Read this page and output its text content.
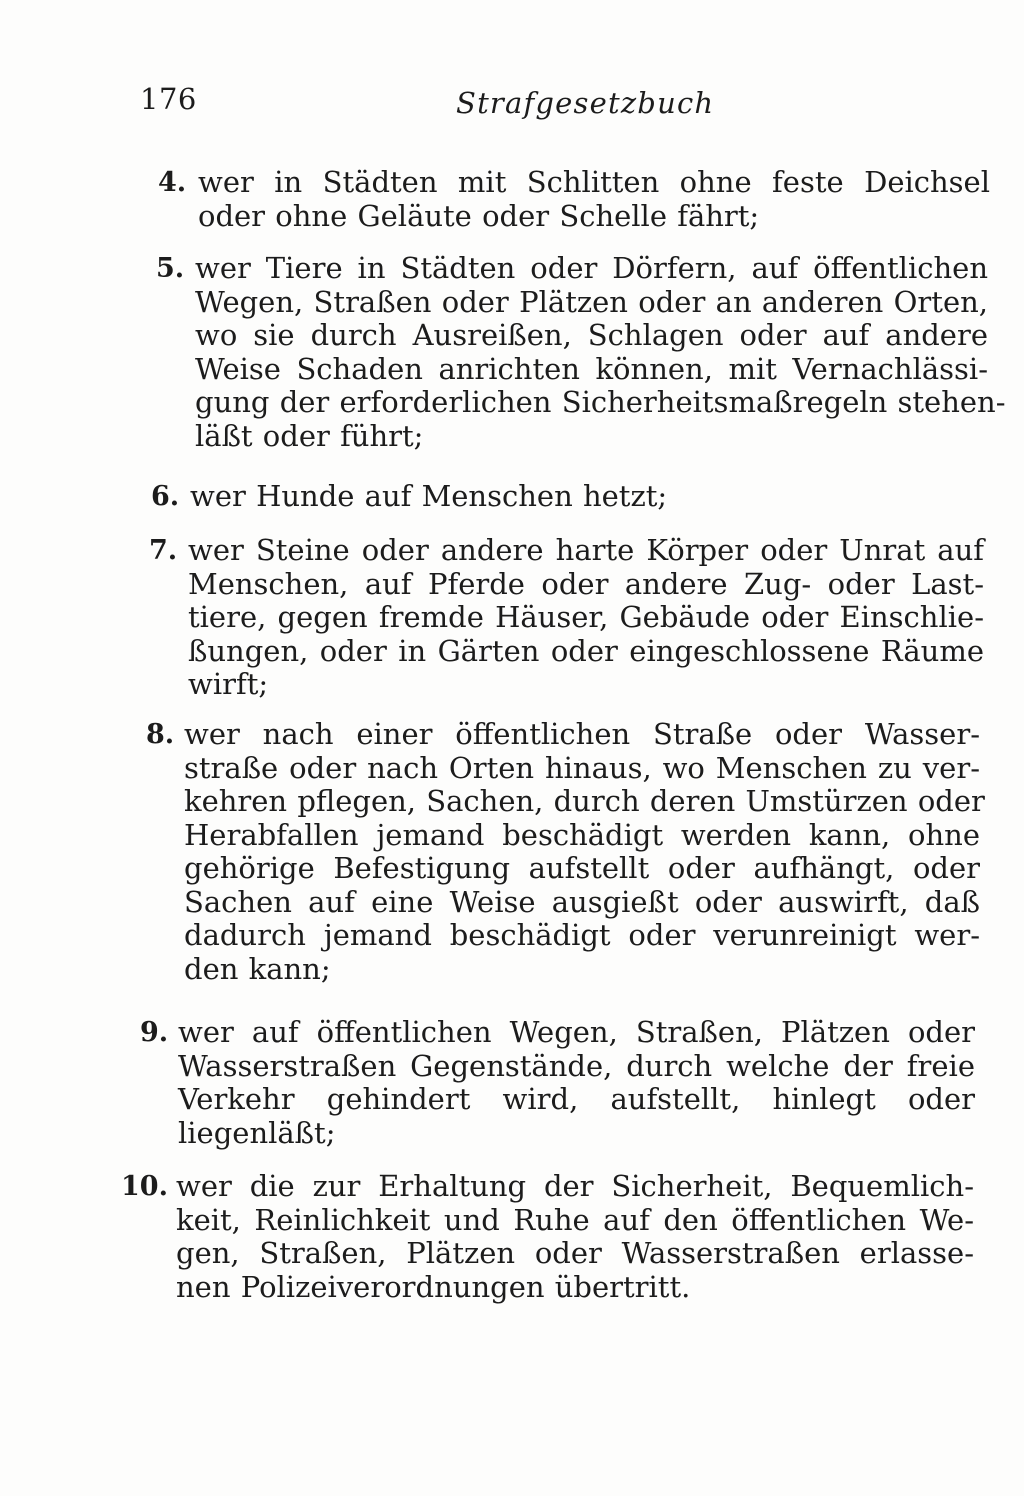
176	Strafgesetzbuch
4. wer in Städten mit Schlitten ohne feste Deichsel
oder ohne Geläute oder Schelle fährt;
5. wer Tiere in Städten oder Dörfern, auf öffentlichen
Wegen, Straßen oder Plätzen oder an anderen Orten,
wo sie durch Ausreißen, Schlagen oder auf andere
Weise Schaden anrichten können, mit Vernachlässi-
gung der erforderlichen Sicherheitsmaßregeln stehen-
läßt oder führt;
6. wer Hunde auf Menschen hetzt;
7. wer Steine oder andere harte Körper oder Unrat auf
Menschen, auf Pferde oder andere Zug- oder Last-
tiere, gegen fremde Häuser, Gebäude oder Einschlie-
ßungen, oder in Gärten oder eingeschlossene Räume
wirft;
8. wer nach einer öffentlichen Straße oder Wasser-
straße oder nach Orten hinaus, wo Menschen zu ver-
kehren pflegen, Sachen, durch deren Umstürzen oder
Herabfallen jemand beschädigt werden kann, ohne
gehörige Befestigung aufstellt oder aufhängt, oder
Sachen auf eine Weise ausgießt oder auswirft, daß
dadurch jemand beschädigt oder verunreinigt wer-
den kann;
9. wer auf öffentlichen Wegen, Straßen, Plätzen oder
Wasserstraßen Gegenstände, durch welche der freie
Verkehr gehindert wird, aufstellt, hinlegt oder
liegenläßt;
10. wer die zur Erhaltung der Sicherheit, Bequemlich-
keit, Reinlichkeit und Ruhe auf den öffentlichen We-
gen, Straßen, Plätzen oder Wasserstraßen erlasse-
nen Polizeiverordnungen übertritt.
